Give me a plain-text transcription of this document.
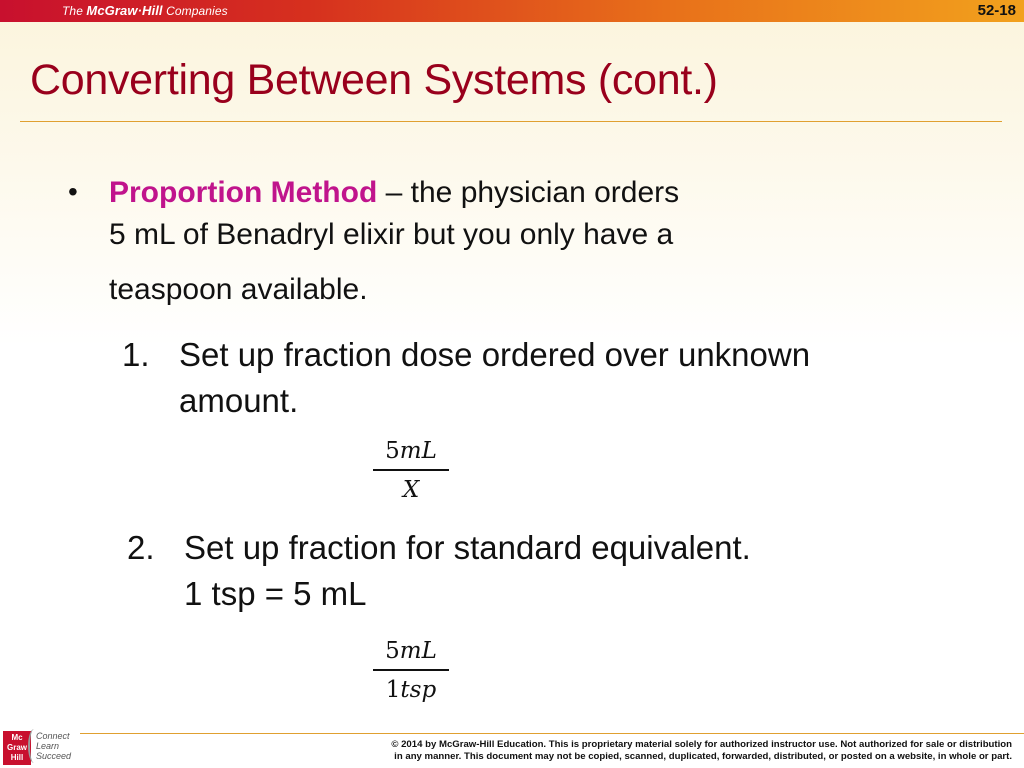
The McGraw·Hill Companies	52-18
Converting Between Systems (cont.)
• Proportion Method – the physician orders
5 mL of Benadryl elixir but you only have a
teaspoon available.
1. Set up fraction dose ordered over unknown
amount.
5mL
X
2. Set up fraction for standard equivalent.
1 tsp = 5 mL
5mL
1tsp
Mc
Graw
Hill
Connect
Learn
Succeed
© 2014 by McGraw-Hill Education. This is proprietary material solely for authorized instructor use. Not authorized for sale or distribution
in any manner. This document may not be copied, scanned, duplicated, forwarded, distributed, or posted on a website, in whole or part.
